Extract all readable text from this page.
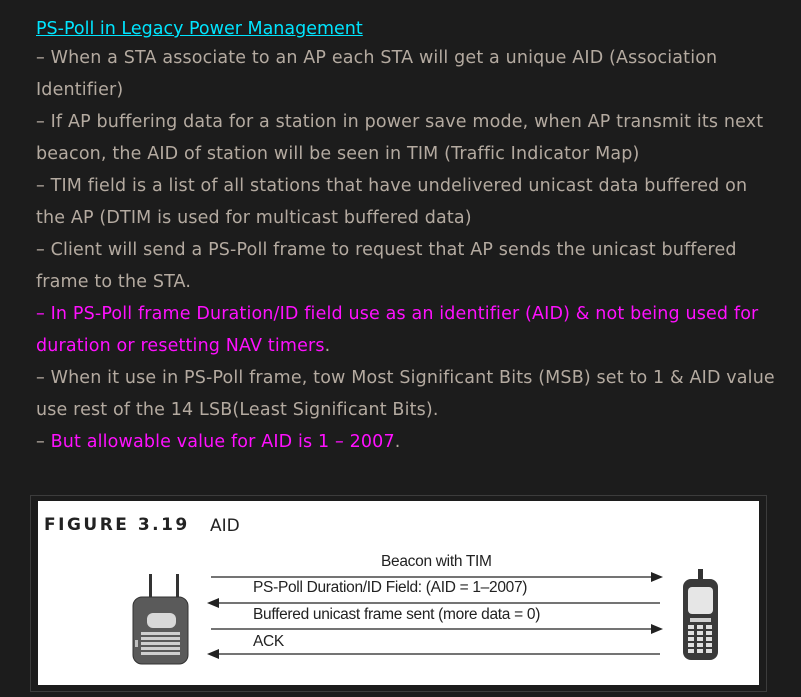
PS-Poll in Legacy Power Management
– When a STA associate to an AP each STA will get a unique AID (Association Identifier)
– If AP buffering data for a station in power save mode, when AP transmit its next beacon, the AID of station will be seen in TIM (Traffic Indicator Map)
– TIM field is a list of all stations that have undelivered unicast data buffered on the AP (DTIM is used for multicast buffered data)
– Client will send a PS-Poll frame to request that AP sends the unicast buffered frame to the STA.
– In PS-Poll frame Duration/ID field use as an identifier (AID) & not being used for duration or resetting NAV timers.
– When it use in PS-Poll frame, tow Most Significant Bits (MSB) set to 1 & AID value use rest of the 14 LSB(Least Significant Bits).
– But allowable value for AID is 1 – 2007.
FIGURE 3.19 AID
Beacon with TIM
PS-Poll Duration/ID Field: (AID = 1–2007)
Buffered unicast frame sent (more data = 0)
ACK
